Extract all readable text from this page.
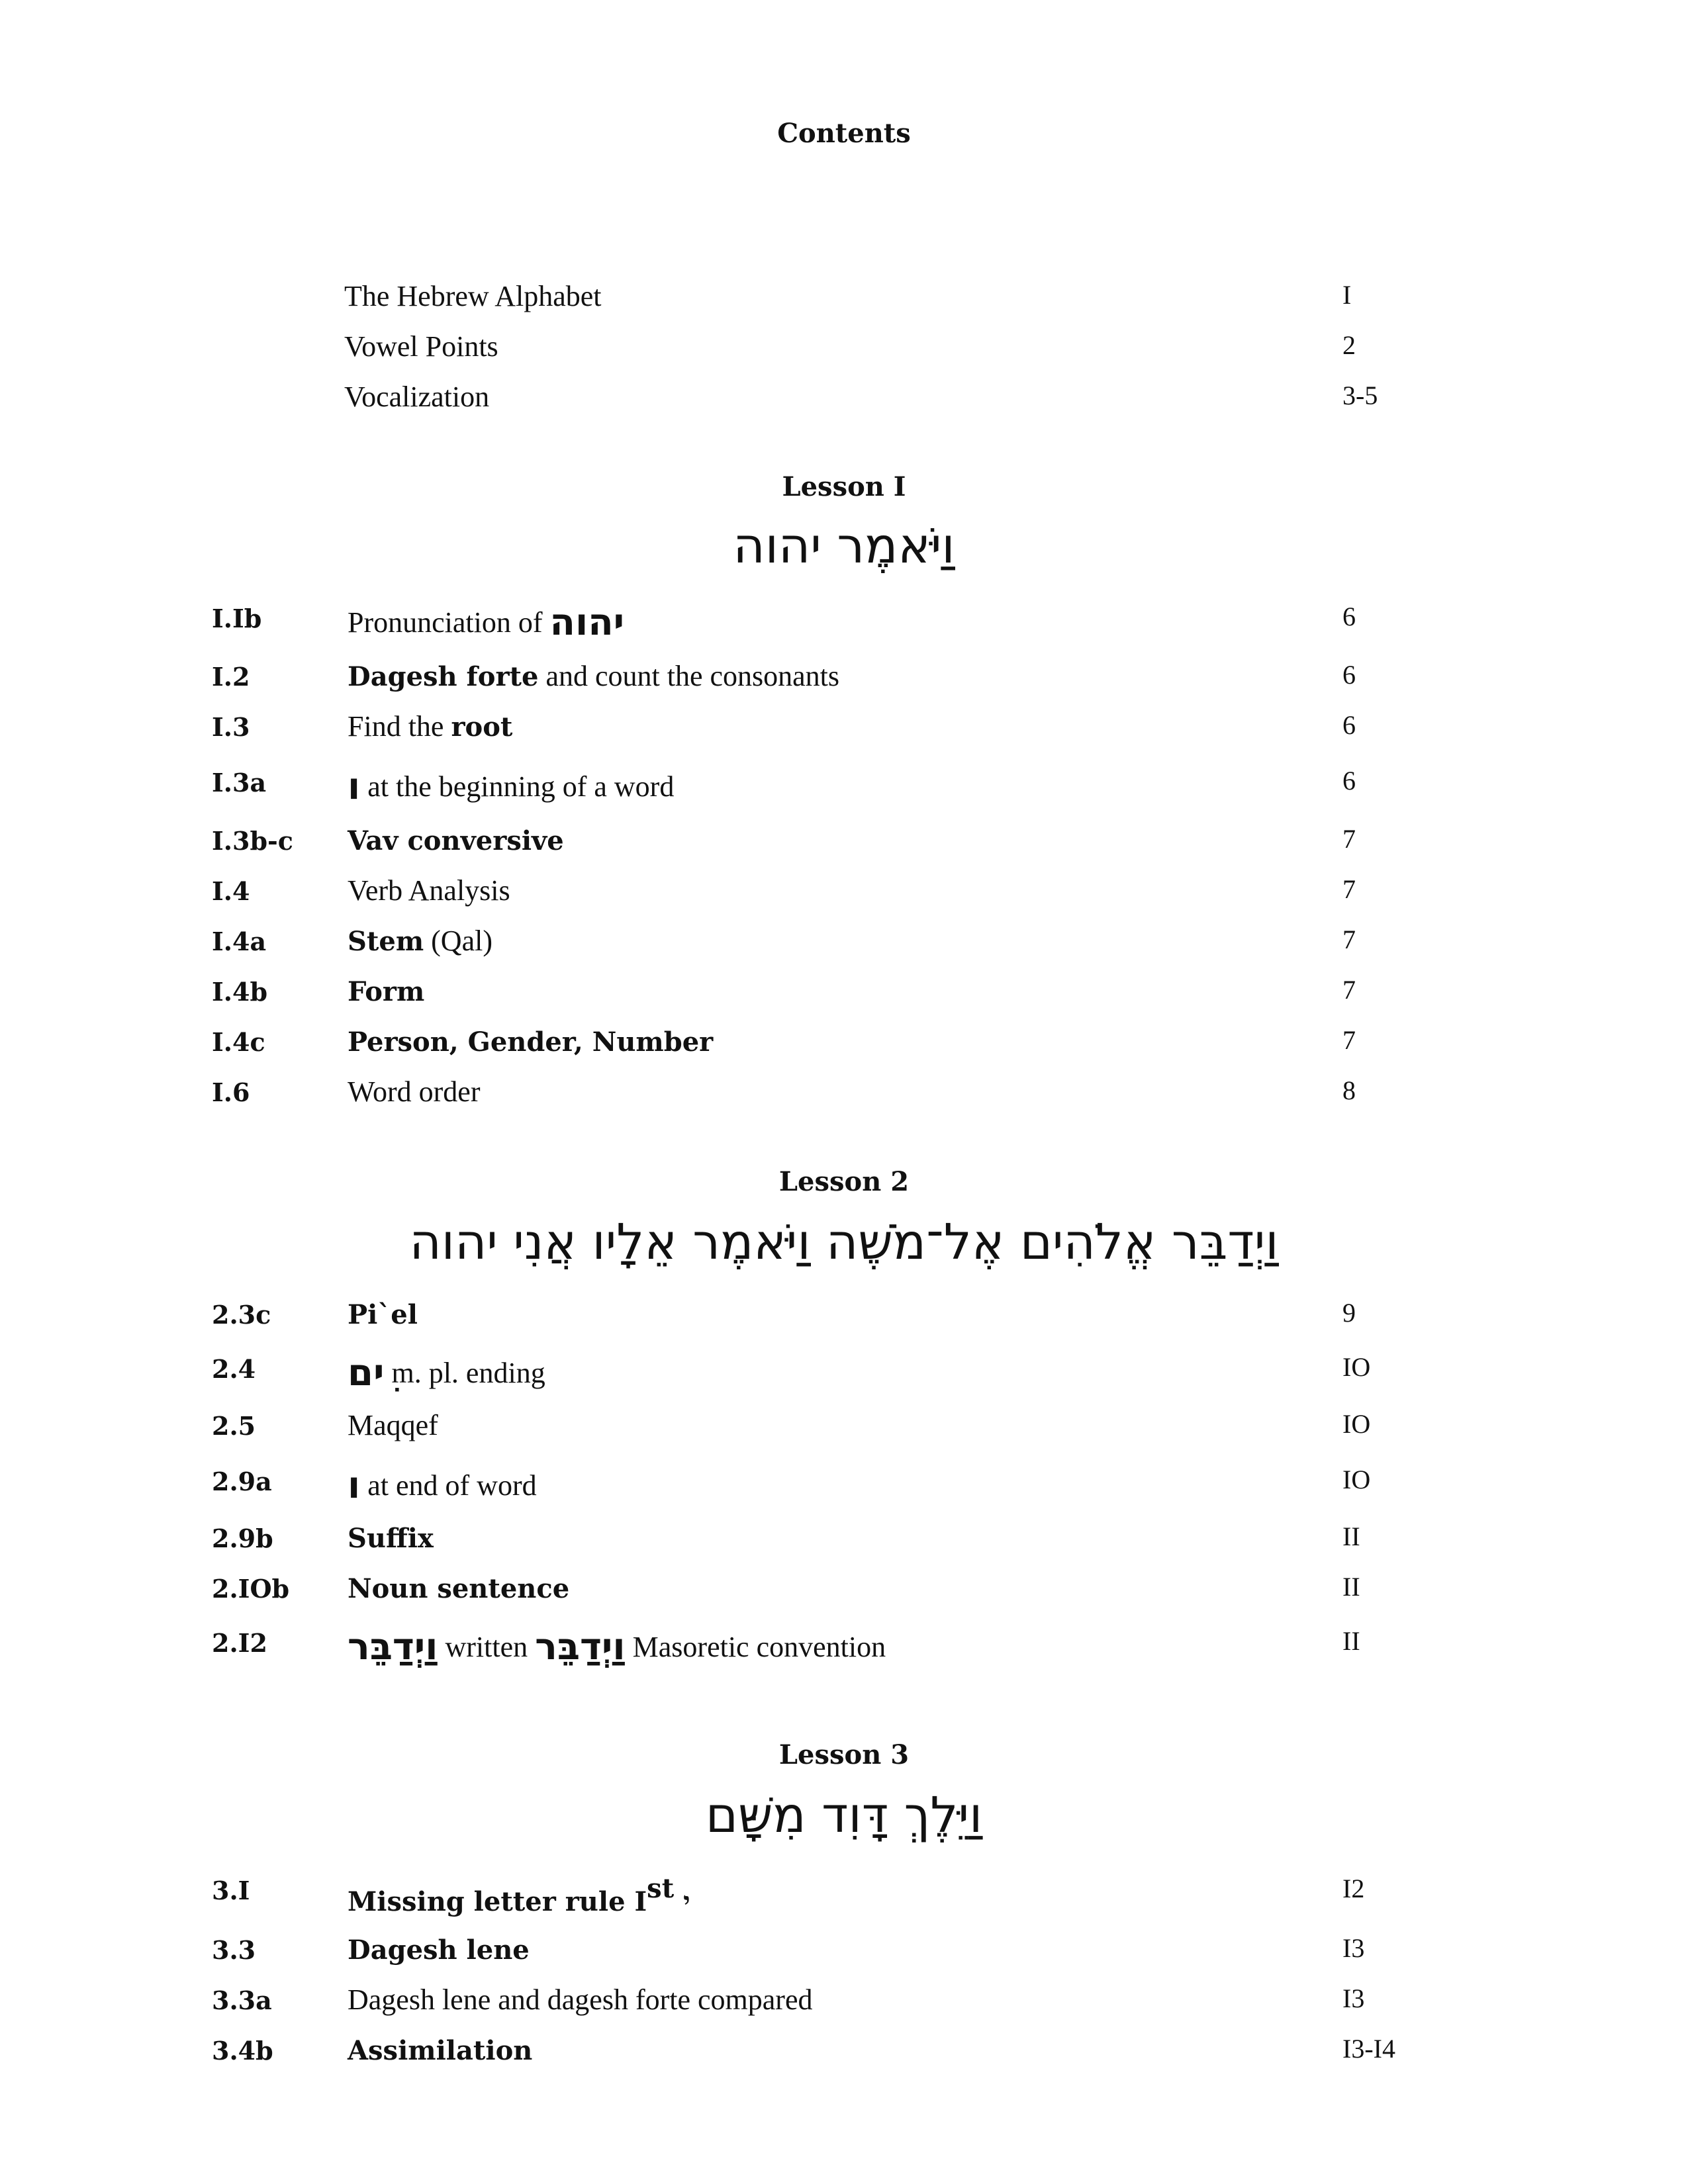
Contents
The Hebrew Alphabet	I
Vowel Points	2
Vocalization	3-5
Lesson I
וַיֹּאמֶר יהוה
I.Ib	Pronunciation of יהוה	6
I.2	Dagesh forte and count the consonants	6
I.3	Find the root	6
I.3a ו at the beginning of a word	6
I.3b-c Vav conversive	7
I.4	Verb Analysis	7
I.4a	Stem (Qal)	7
I.4b	Form	7
I.4c	Person, Gender, Number	7
I.6	Word order	8
Lesson 2
וַיְדַבֵּר אֱלֹהִים אֶל־מֹשֶׁה וַיֹּאמֶר אֵלָיו אֲנִי יהוה
2.3c	Pi`el	9
2.4 ִים m. pl. ending	IO
2.5	Maqqef	IO
2.9a ו at end of word	IO
2.9b	Suffix	II
2.IOb Noun sentence	II
2.I2 וַיְדַבֵּר written וַיְדַבֵּר Masoretic convention	II
Lesson 3
וַיֵּלֶךְ דָּוִד מִשָּׁם
3.I	Missing letter rule Ist י	I2
3.3	Dagesh lene	I3
3.3a	Dagesh lene and dagesh forte compared	I3
3.4b	Assimilation	I3-I4
